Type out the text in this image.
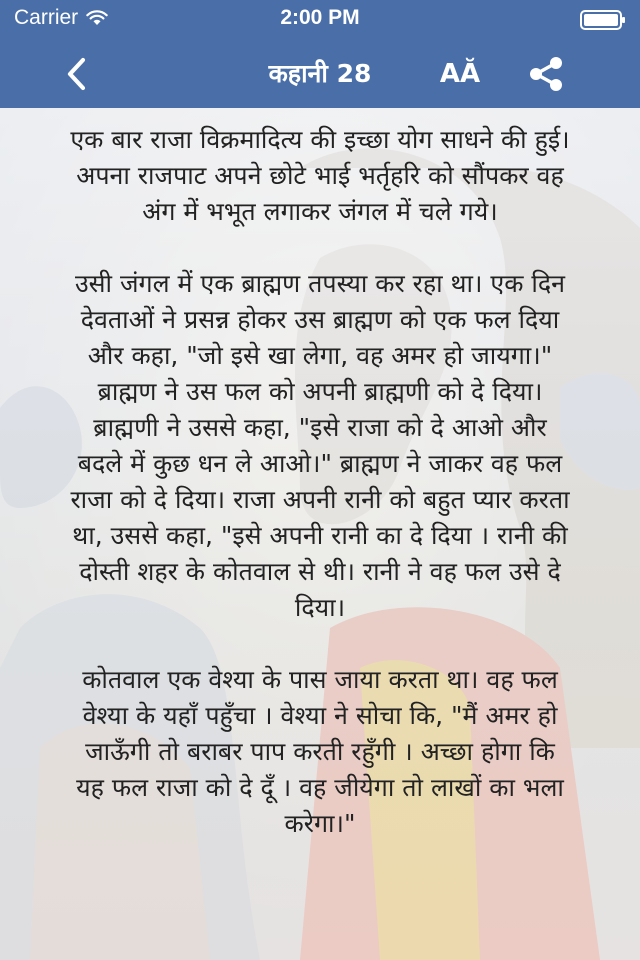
Carrier	2:00 PM
कहानी 28	AĂ

एक बार राजा विक्रमादित्य की इच्छा योग साधने की हुई। अपना राजपाट अपने छोटे भाई भर्तृहरि को सौंपकर वह अंग में भभूत लगाकर जंगल में चले गये।

उसी जंगल में एक ब्राह्मण तपस्या कर रहा था। एक दिन देवताओं ने प्रसन्न होकर उस ब्राह्मण को एक फल दिया और कहा, "जो इसे खा लेगा, वह अमर हो जायगा।" ब्राह्मण ने उस फल को अपनी ब्राह्मणी को दे दिया। ब्राह्मणी ने उससे कहा, "इसे राजा को दे आओ और बदले में कुछ धन ले आओ।" ब्राह्मण ने जाकर वह फल राजा को दे दिया। राजा अपनी रानी को बहुत प्यार करता था, उससे कहा, "इसे अपनी रानी का दे दिया । रानी की दोस्ती शहर के कोतवाल से थी। रानी ने वह फल उसे दे दिया।

कोतवाल एक वेश्या के पास जाया करता था। वह फल वेश्या के यहाँ पहुँचा । वेश्या ने सोचा कि, "मैं अमर हो जाऊँगी तो बराबर पाप करती रहुँगी । अच्छा होगा कि यह फल राजा को दे दूँ । वह जीयेगा तो लाखों का भला करेगा।"
